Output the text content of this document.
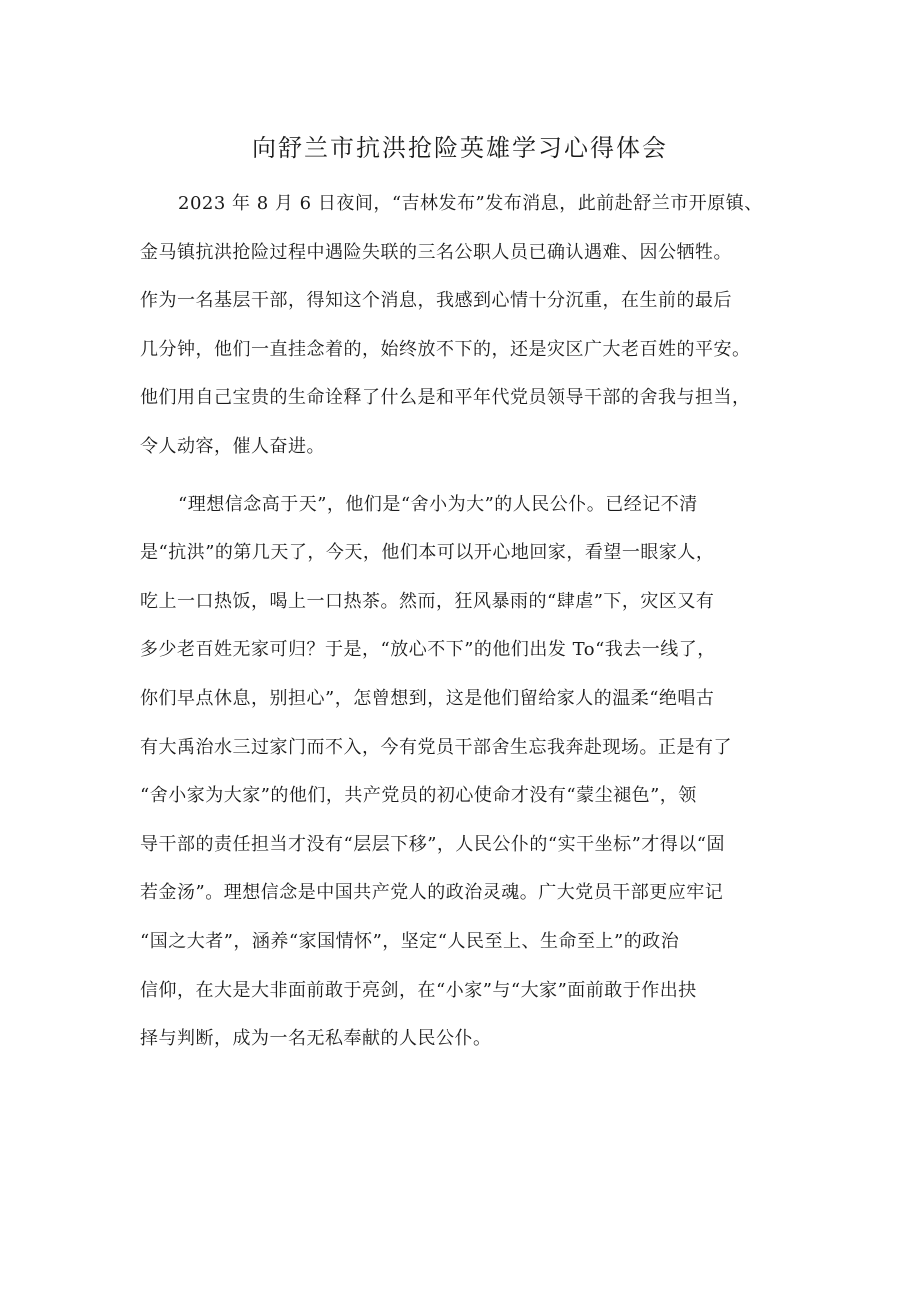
向舒兰市抗洪抢险英雄学习心得体会
2023 年 8 月 6 日夜间，“吉林发布”发布消息，此前赴舒兰市开原镇、
金马镇抗洪抢险过程中遇险失联的三名公职人员已确认遇难、因公牺牲。
作为一名基层干部，得知这个消息，我感到心情十分沉重，在生前的最后
几分钟，他们一直挂念着的，始终放不下的，还是灾区广大老百姓的平安。
他们用自己宝贵的生命诠释了什么是和平年代党员领导干部的舍我与担当，
令人动容，催人奋进。
“理想信念高于天”，他们是“舍小为大”的人民公仆。已经记不清
是“抗洪”的第几天了，今天，他们本可以开心地回家，看望一眼家人，
吃上一口热饭，喝上一口热茶。然而，狂风暴雨的“肆虐”下，灾区又有
多少老百姓无家可归？于是，“放心不下”的他们出发 To“我去一线了，
你们早点休息，别担心”，怎曾想到，这是他们留给家人的温柔“绝唱古
有大禹治水三过家门而不入，今有党员干部舍生忘我奔赴现场。正是有了
“舍小家为大家”的他们，共产党员的初心使命才没有“蒙尘褪色”，领
导干部的责任担当才没有“层层下移”，人民公仆的“实干坐标”才得以“固
若金汤”。理想信念是中国共产党人的政治灵魂。广大党员干部更应牢记
“国之大者”，涵养“家国情怀”，坚定“人民至上、生命至上”的政治
信仰，在大是大非面前敢于亮剑，在“小家”与“大家”面前敢于作出抉
择与判断，成为一名无私奉献的人民公仆。
